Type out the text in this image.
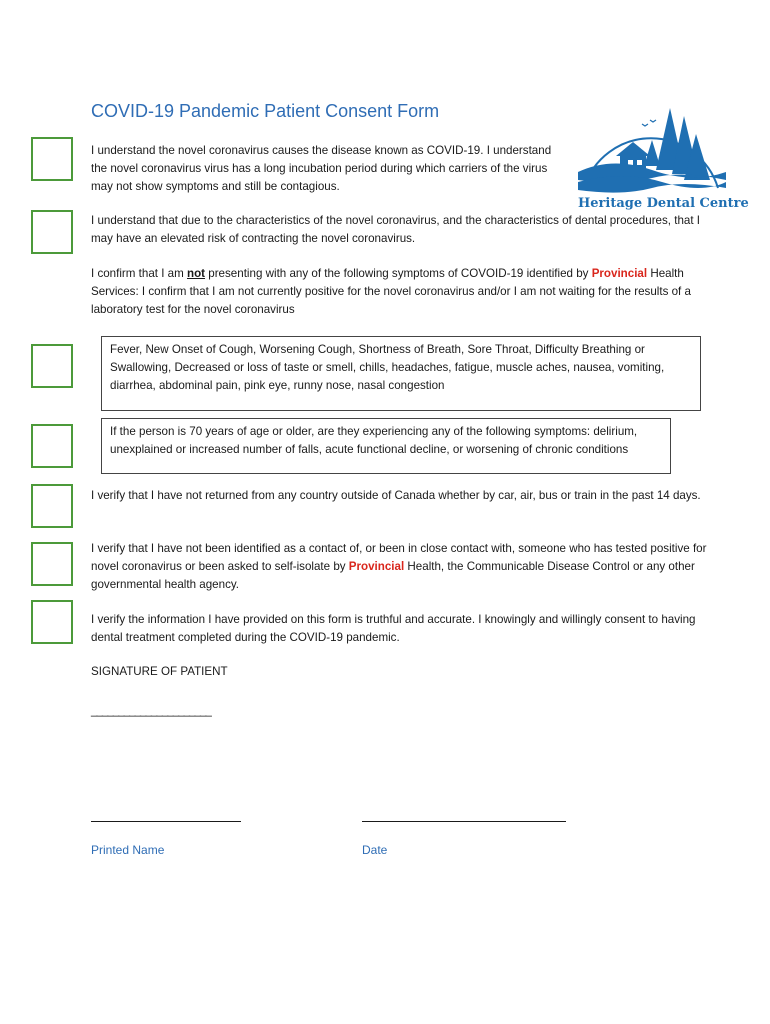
COVID-19 Pandemic Patient Consent Form
Heritage Dental Centre
I understand the novel coronavirus causes the disease known as COVID-19. I understand the novel coronavirus virus has a long incubation period during which carriers of the virus may not show symptoms and still be contagious.
I understand that due to the characteristics of the novel coronavirus, and the characteristics of dental procedures, that I may have an elevated risk of contracting the novel coronavirus.
I confirm that I am not presenting with any of the following symptoms of COVOID-19 identified by Provincial Health Services: I confirm that I am not currently positive for the novel coronavirus and/or I am not waiting for the results of a laboratory test for the novel coronavirus
Fever, New Onset of Cough, Worsening Cough, Shortness of Breath, Sore Throat, Difficulty Breathing or Swallowing, Decreased or loss of taste or smell, chills, headaches, fatigue, muscle aches, nausea, vomiting, diarrhea, abdominal pain, pink eye, runny nose, nasal congestion
If the person is 70 years of age or older, are they experiencing any of the following symptoms: delirium, unexplained or increased number of falls, acute functional decline, or worsening of chronic conditions
I verify that I have not returned from any country outside of Canada whether by car, air, bus or train in the past 14 days.
I verify that I have not been identified as a contact of, or been in close contact with, someone who has tested positive for novel coronavirus or been asked to self-isolate by Provincial Health, the Communicable Disease Control or any other governmental health agency.
I verify the information I have provided on this form is truthful and accurate. I knowingly and willingly consent to having dental treatment completed during the COVID-19 pandemic.
SIGNATURE OF PATIENT
______________________
Printed Name	Date
